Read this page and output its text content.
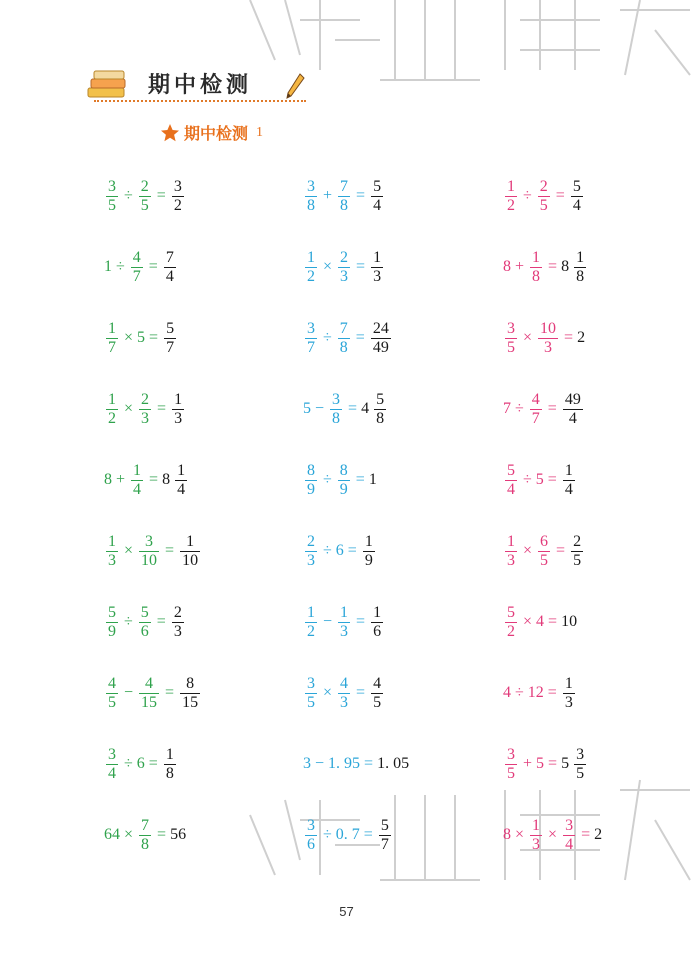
期中检测
期中检测 1
$\frac{3}{5} \div \frac{2}{5} = \frac{3}{2}$	$\frac{3}{8} + \frac{7}{8} = \frac{5}{4}$	$\frac{1}{2} \div \frac{2}{5} = \frac{5}{4}$
$1 \div \frac{4}{7} = \frac{7}{4}$	$\frac{1}{2} \times \frac{2}{3} = \frac{1}{3}$	$8 + \frac{1}{8} = 8 \frac{1}{8}$
$\frac{1}{7} \times 5 = \frac{5}{7}$	$\frac{3}{7} \div \frac{7}{8} = \frac{24}{49}$	$\frac{3}{5} \times \frac{10}{3} = 2$
$\frac{1}{2} \times \frac{2}{3} = \frac{1}{3}$	$5 - \frac{3}{8} = 4 \frac{5}{8}$	$7 \div \frac{4}{7} = \frac{49}{4}$
$8 + \frac{1}{4} = 8 \frac{1}{4}$	$\frac{8}{9} \div \frac{8}{9} = 1$	$\frac{5}{4} \div 5 = \frac{1}{4}$
$\frac{1}{3} \times \frac{3}{10} = \frac{1}{10}$	$\frac{2}{3} \div 6 = \frac{1}{9}$	$\frac{1}{3} \times \frac{6}{5} = \frac{2}{5}$
$\frac{5}{9} \div \frac{5}{6} = \frac{2}{3}$	$\frac{1}{2} - \frac{1}{3} = \frac{1}{6}$	$\frac{5}{2} \times 4 = 10$
$\frac{4}{5} - \frac{4}{15} = \frac{8}{15}$	$\frac{3}{5} \times \frac{4}{3} = \frac{4}{5}$	$4 \div 12 = \frac{1}{3}$
$\frac{3}{4} \div 6 = \frac{1}{8}$	3 − 1. 95 = 1. 05	$\frac{3}{5} + 5 = 5 \frac{3}{5}$
$64 \times \frac{7}{8} = 56$	$\frac{3}{6} \div 0$. $7 = \frac{5}{7}$	$8 \times \frac{1}{3} \times \frac{3}{4} = 2$
57
